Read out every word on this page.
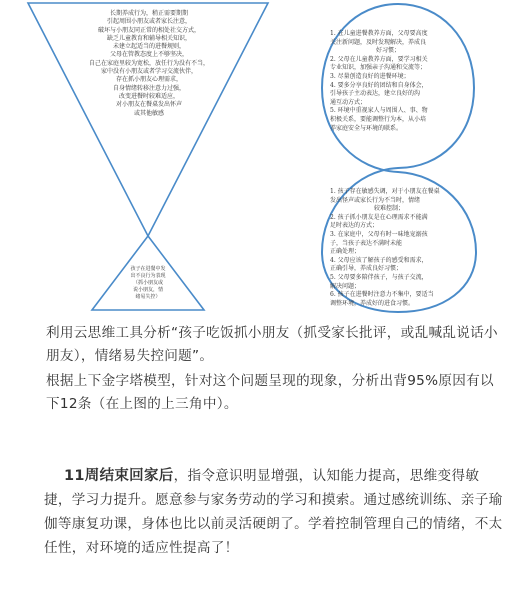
长期养成行为，稍正需要期期
引起周围小朋友或者家长注意，
破坏与小朋友同正常的相处社交方式，
缺乏儿童教育和辅导相关知识，
未建立起适当的进餐规则，
父母在管教态度上不够坚决，
自己在家庭里较为宽松，放任行为没有不当，
家中没有小朋友或者学习交流伙伴，
存在抓小朋友心理需求，
自身情绪转移注意力过强，
改变进餐时较难适应，
对小朋友在餐桌发出怀声
或其他敏感
孩子在进餐中发
出不良行为表现
（抓小朋友或
说小朋友，情
绪易失控）
1. 在儿童进餐教养方面，父母要高度
关注新问题，及时发现解决，养成良
好习惯；
2. 父母在儿童教养方面，要学习相关
专业知识，加强亲子沟通和交流等；
3. 尽量创造良好的进餐环境；
4. 要多分享良好的团结和自身体会，
引导孩子主动表达，建立良好的沟
通互动方式；
5. 环境中重视家人与周围人、事、物
积极关系，要能调整行为本，从小培
养家庭安全与环境的联系。
1. 孩子存在敏感失调，对于小朋友在餐桌
发出怪声或家长行为不当时，情绪
较难控制；
2. 孩子抓小朋友是在心理需求不能满
足时表达的方式；
3. 在家庭中，父母有时一味地宠溺孩
子，当孩子表达不满时未能
正确处理；
4. 父母应该了解孩子的感受和需求，
正确引导，养成良好习惯；
5. 父母要多陪伴孩子，与孩子交流，
解决问题；
6. 孩子在进餐时注意力不集中，要适当
调整环境，养成好的进食习惯。

利用云思维工具分析“孩子吃饭抓小朋友（抓受家长批评，或乱喊乱说话小朋友），情绪易失控问题”。

根据上下金字塔模型，针对这个问题呈现的现象，分析出背95%原因有以下12条（在上图的上三角中）。

11周结束回家后，指令意识明显增强，认知能力提高，思维变得敏捷，学习力提升。愿意参与家务劳动的学习和摸索。通过感统训练、亲子瑜伽等康复功课，身体也比以前灵活硬朗了。学着控制管理自己的情绪，不太任性，对环境的适应性提高了！
